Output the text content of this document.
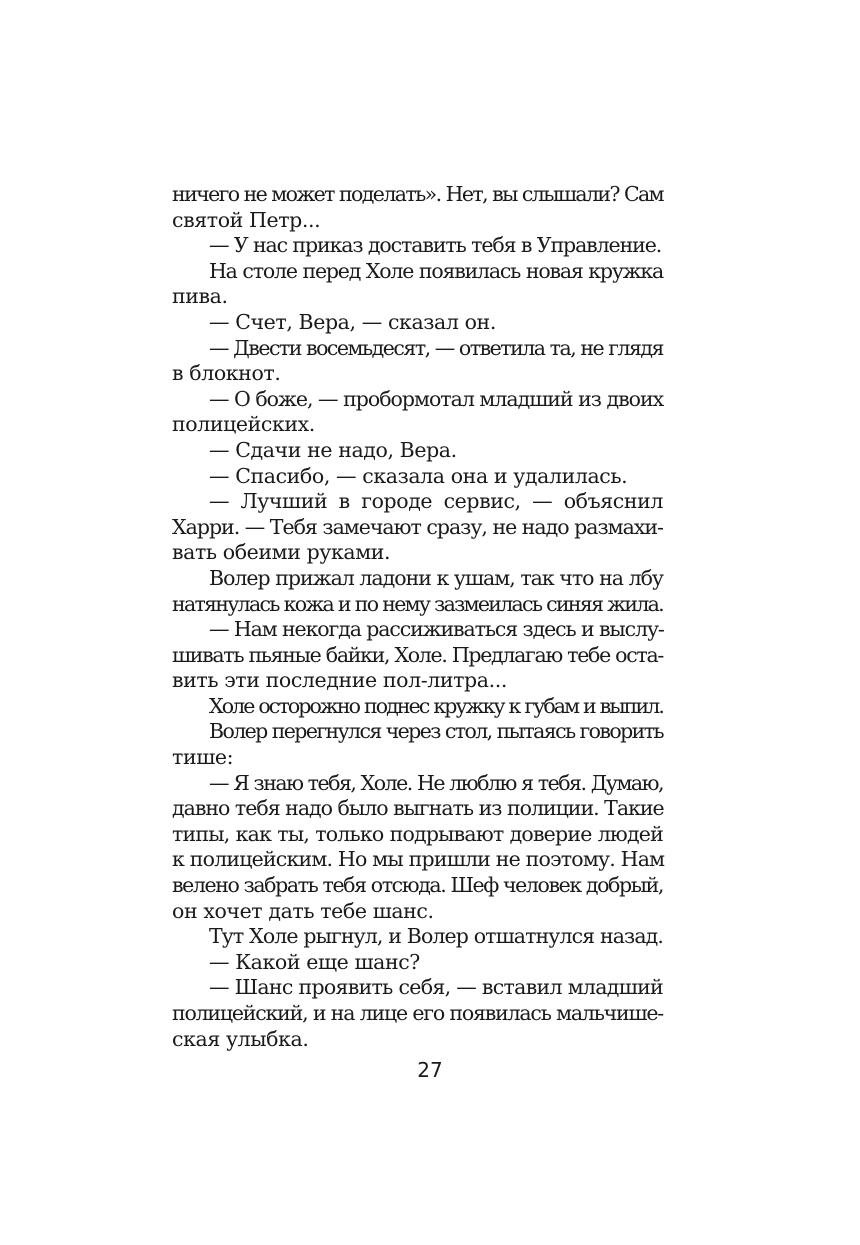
ничего не может поделать». Нет, вы слышали? Сам
святой Петр...
— У нас приказ доставить тебя в Управление.
На столе перед Холе появилась новая кружка
пива.
— Счет, Вера, — сказал он.
— Двести восемьдесят, — ответила та, не глядя
в блокнот.
— О боже, — пробормотал младший из двоих
полицейских.
— Сдачи не надо, Вера.
— Спасибо, — сказала она и удалилась.
— Лучший в городе сервис, — объяснил
Харри. — Тебя замечают сразу, не надо размахи-
вать обеими руками.
Волер прижал ладони к ушам, так что на лбу
натянулась кожа и по нему зазмеилась синяя жила.
— Нам некогда рассиживаться здесь и выслу-
шивать пьяные байки, Холе. Предлагаю тебе оста-
вить эти последние пол-литра...
Холе осторожно поднес кружку к губам и выпил.
Волер перегнулся через стол, пытаясь говорить
тише:
— Я знаю тебя, Холе. Не люблю я тебя. Думаю,
давно тебя надо было выгнать из полиции. Такие
типы, как ты, только подрывают доверие людей
к полицейским. Но мы пришли не поэтому. Нам
велено забрать тебя отсюда. Шеф человек добрый,
он хочет дать тебе шанс.
Тут Холе рыгнул, и Волер отшатнулся назад.
— Какой еще шанс?
— Шанс проявить себя, — вставил младший
полицейский, и на лице его появилась мальчише-
ская улыбка.
27
